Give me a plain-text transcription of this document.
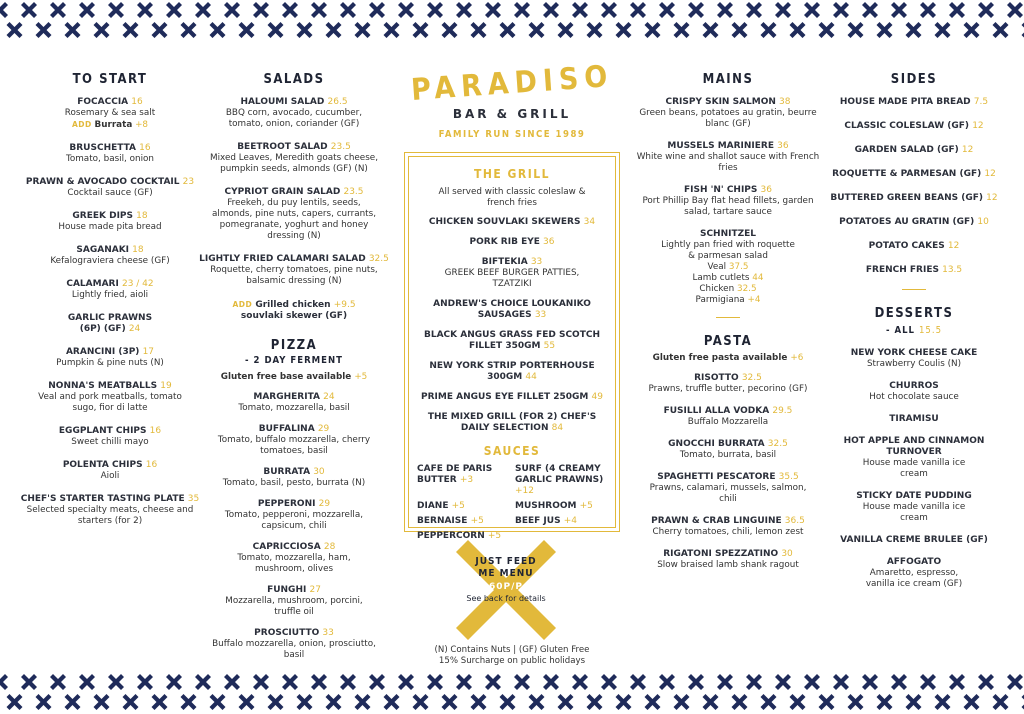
TO START
FOCACCIA 16
Rosemary & sea salt
ADD Burrata +8
BRUSCHETTA 16
Tomato, basil, onion
PRAWN & AVOCADO COCKTAIL 23
Cocktail sauce (GF)
GREEK DIPS 18
House made pita bread
SAGANAKI 18
Kefalograviera cheese (GF)
CALAMARI 23 / 42
Lightly fried, aioli
GARLIC PRAWNS
(6P) (GF) 24
ARANCINI (3P) 17
Pumpkin & pine nuts (N)
NONNA'S MEATBALLS 19
Veal and pork meatballs, tomato sugo, fior di latte
EGGPLANT CHIPS 16
Sweet chilli mayo
POLENTA CHIPS 16
Aioli
CHEF'S STARTER TASTING PLATE 35
Selected specialty meats, cheese and starters (for 2)
SALADS
HALOUMI SALAD 26.5
BBQ corn, avocado, cucumber, tomato, onion, coriander (GF)
BEETROOT SALAD 23.5
Mixed Leaves, Meredith goats cheese, pumpkin seeds, almonds (GF) (N)
CYPRIOT GRAIN SALAD 23.5
Freekeh, du puy lentils, seeds, almonds, pine nuts, capers, currants, pomegranate, yoghurt and honey dressing (N)
LIGHTLY FRIED CALAMARI SALAD 32.5
Roquette, cherry tomatoes, pine nuts, balsamic dressing (N)
ADD Grilled chicken +9.5
souvlaki skewer (GF)
PIZZA
- 2 DAY FERMENT
Gluten free base available +5
MARGHERITA 24
Tomato, mozzarella, basil
BUFFALINA 29
Tomato, buffalo mozzarella, cherry tomatoes, basil
BURRATA 30
Tomato, basil, pesto, burrata (N)
PEPPERONI 29
Tomato, pepperoni, mozzarella, capsicum, chili
CAPRICCIOSA 28
Tomato, mozzarella, ham, mushroom, olives
FUNGHI 27
Mozzarella, mushroom, porcini, truffle oil
PROSCIUTTO 33
Buffalo mozzarella, onion, prosciutto, basil
PARADISO
BAR & GRILL
FAMILY RUN SINCE 1989
THE GRILL
All served with classic coleslaw & french fries
CHICKEN SOUVLAKI SKEWERS 34
PORK RIB EYE 36
BIFTEKIA 33
GREEK BEEF BURGER PATTIES, TZATZIKI
ANDREW'S CHOICE LOUKANIKO SAUSAGES 33
BLACK ANGUS GRASS FED SCOTCH FILLET 350GM 55
NEW YORK STRIP PORTERHOUSE 300GM 44
PRIME ANGUS EYE FILLET 250GM 49
THE MIXED GRILL (FOR 2) CHEF'S DAILY SELECTION 84
SAUCES
CAFE DE PARIS BUTTER +3
SURF (4 CREAMY GARLIC PRAWNS) +12
DIANE +5	MUSHROOM +5
BERNAISE +5	BEEF JUS +4
PEPPERCORN +5
JUST FEED
ME MENU
60P/P
See back for details
(N) Contains Nuts | (GF) Gluten Free
15% Surcharge on public holidays
MAINS
CRISPY SKIN SALMON 38
Green beans, potatoes au gratin, beurre blanc (GF)
MUSSELS MARINIERE 36
White wine and shallot sauce with French fries
FISH 'N' CHIPS 36
Port Phillip Bay flat head fillets, garden salad, tartare sauce
SCHNITZEL
Lightly pan fried with roquette & parmesan salad
Veal 37.5
Lamb cutlets 44
Chicken 32.5
Parmigiana +4
PASTA
Gluten free pasta available +6
RISOTTO 32.5
Prawns, truffle butter, pecorino (GF)
FUSILLI ALLA VODKA 29.5
Buffalo Mozzarella
GNOCCHI BURRATA 32.5
Tomato, burrata, basil
SPAGHETTI PESCATORE 35.5
Prawns, calamari, mussels, salmon, chili
PRAWN & CRAB LINGUINE 36.5
Cherry tomatoes, chili, lemon zest
RIGATONI SPEZZATINO 30
Slow braised lamb shank ragout
SIDES
HOUSE MADE PITA BREAD 7.5
CLASSIC COLESLAW (GF) 12
GARDEN SALAD (GF) 12
ROQUETTE & PARMESAN (GF) 12
BUTTERED GREEN BEANS (GF) 12
POTATOES AU GRATIN (GF) 10
POTATO CAKES 12
FRENCH FRIES 13.5
DESSERTS
- ALL 15.5
NEW YORK CHEESE CAKE
Strawberry Coulis (N)
CHURROS
Hot chocolate sauce
TIRAMISU
HOT APPLE AND CINNAMON TURNOVER
House made vanilla ice cream
STICKY DATE PUDDING
House made vanilla ice cream
VANILLA CREME BRULEE (GF)
AFFOGATO
Amaretto, espresso, vanilla ice cream (GF)
